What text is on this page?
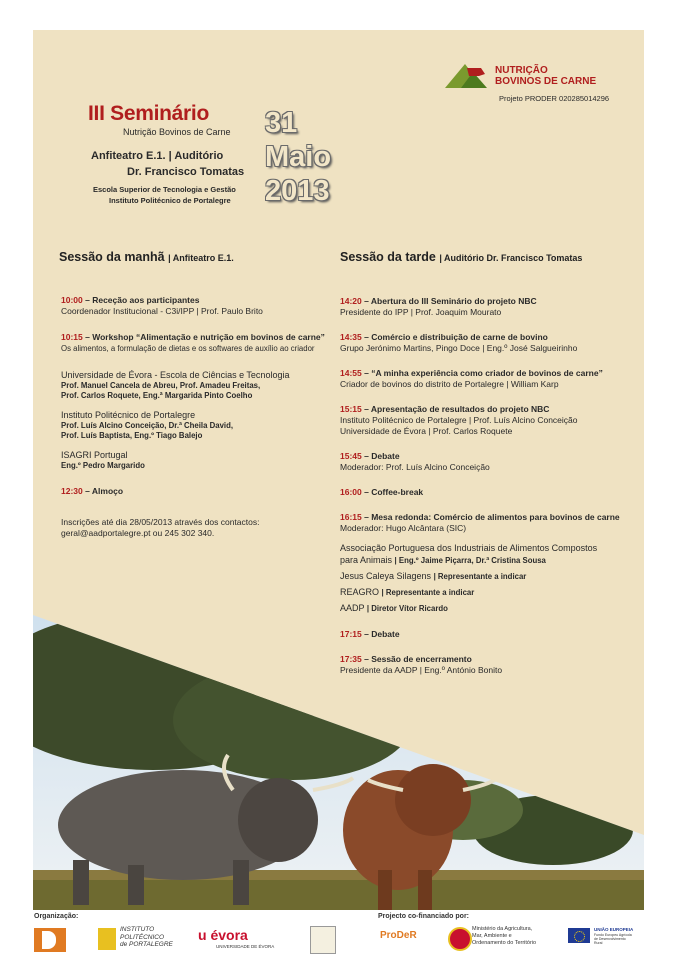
NUTRIÇÃO
BOVINOS DE CARNE
Projeto PRODER 020285014296
III Seminário
Nutrição Bovinos de Carne
Anfiteatro E.1. | Auditório
Dr. Francisco Tomatas
Escola Superior de Tecnologia e Gestão
Instituto Politécnico de Portalegre
31
Maio
2013
Sessão da manhã | Anfiteatro E.1.	Sessão da tarde | Auditório Dr. Francisco Tomatas
10:00 – Receção aos participantes
Coordenador Institucional - C3i/IPP | Prof. Paulo Brito
10:15 – Workshop “Alimentação e nutrição em bovinos de carne”
Os alimentos, a formulação de dietas e os softwares de auxílio ao criador
Universidade de Évora - Escola de Ciências e Tecnologia
Prof. Manuel Cancela de Abreu, Prof. Amadeu Freitas,
Prof. Carlos Roquete, Eng.ª Margarida Pinto Coelho
Instituto Politécnico de Portalegre
Prof. Luís Alcino Conceição, Dr.ª Cheila David,
Prof. Luís Baptista, Eng.º Tiago Balejo
ISAGRI Portugal
Eng.º Pedro Margarido
12:30 – Almoço
Inscrições até dia 28/05/2013 através dos contactos:
geral@aadportalegre.pt ou 245 302 340.
14:20 – Abertura do III Seminário do projeto NBC
Presidente do IPP | Prof. Joaquim Mourato
14:35 – Comércio e distribuição de carne de bovino
Grupo Jerónimo Martins, Pingo Doce | Eng.º José Salgueirinho
14:55 – “A minha experiência como criador de bovinos de carne”
Criador de bovinos do distrito de Portalegre | William Karp
15:15 – Apresentação de resultados do projeto NBC
Instituto Politécnico de Portalegre | Prof. Luís Alcino Conceição
Universidade de Évora | Prof. Carlos Roquete
15:45 – Debate
Moderador: Prof. Luís Alcino Conceição
16:00 – Coffee-break
16:15 – Mesa redonda: Comércio de alimentos para bovinos de carne
Moderador: Hugo Alcântara (SIC)
Associação Portuguesa dos Industriais de Alimentos Compostos
para Animais | Eng.º Jaime Piçarra, Dr.ª Cristina Sousa
Jesus Caleya Silagens | Representante a indicar
REAGRO | Representante a indicar
AADP | Diretor Vítor Ricardo
17:15 – Debate
17:35 – Sessão de encerramento
Presidente da AADP | Eng.º António Bonito
Organização:	Projecto co-financiado por:
INSTITUTO
POLITÉCNICO
de PORTALEGRE
u évora
UNIVERSIDADE DE ÉVORA
ProDeR
Ministério da Agricultura,
Mar, Ambiente e
Ordenamento do Território
UNIÃO EUROPEIA
Fundo Europeu Agrícola de Desenvolvimento Rural
